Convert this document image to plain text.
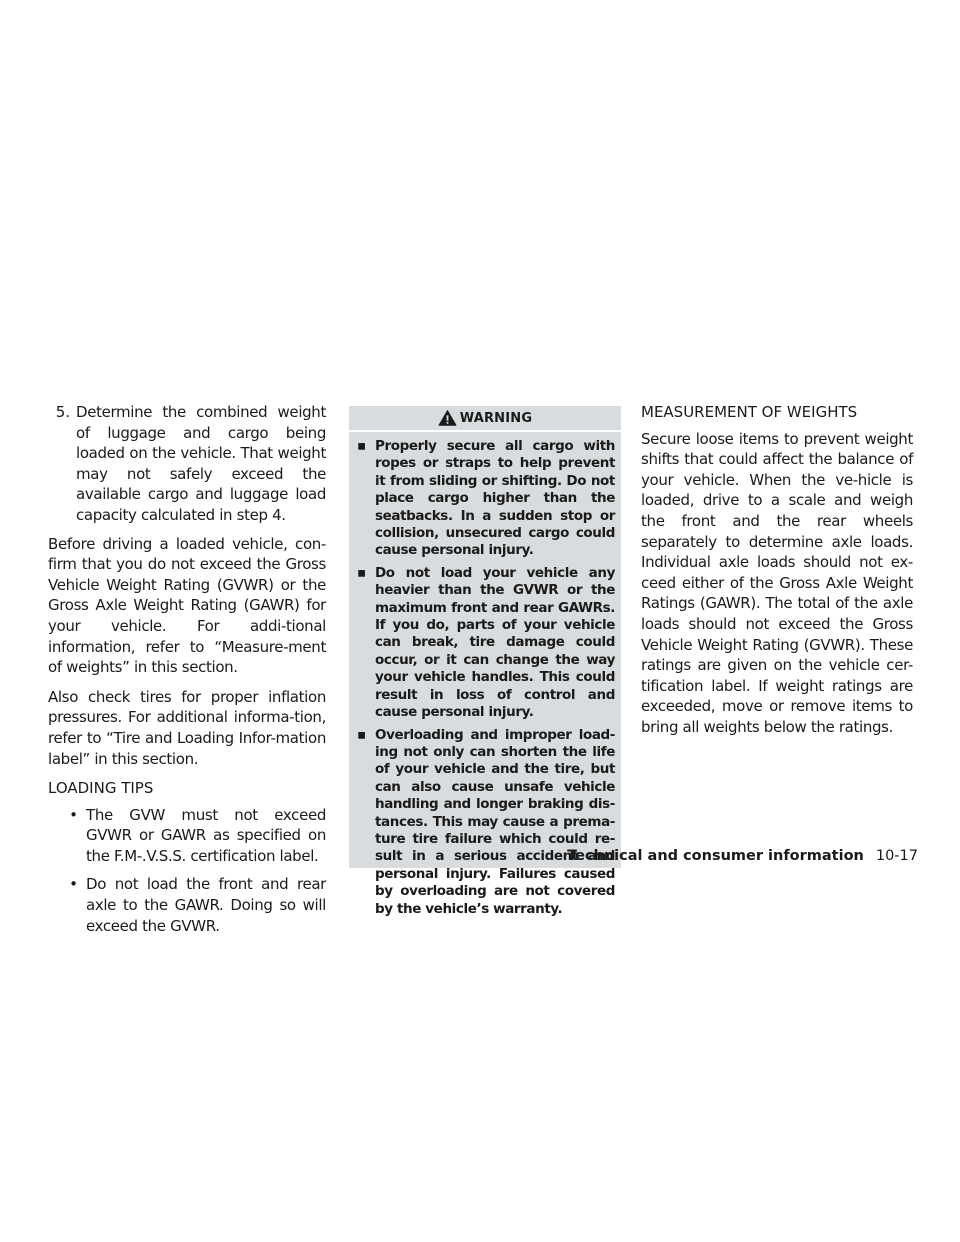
5. Determine the combined weight of luggage and cargo being loaded on the vehicle. That weight may not safely exceed the available cargo and luggage load capacity calculated in step 4.

Before driving a loaded vehicle, con-firm that you do not exceed the Gross Vehicle Weight Rating (GVWR) or the Gross Axle Weight Rating (GAWR) for your vehicle. For addi-tional information, refer to “Measure-ment of weights” in this section.

Also check tires for proper inflation pressures. For additional informa-tion, refer to “Tire and Loading Infor-mation label” in this section.

LOADING TIPS
• The GVW must not exceed GVWR or GAWR as specified on the F.M-.V.S.S. certification label.
• Do not load the front and rear axle to the GAWR. Doing so will exceed the GVWR.
WARNING
▪ Properly secure all cargo with ropes or straps to help prevent it from sliding or shifting. Do not place cargo higher than the seatbacks. In a sudden stop or collision, unsecured cargo could cause personal injury.
▪ Do not load your vehicle any heavier than the GVWR or the maximum front and rear GAWRs. If you do, parts of your vehicle can break, tire damage could occur, or it can change the way your vehicle handles. This could result in loss of control and cause personal injury.
▪ Overloading and improper load-ing not only can shorten the life of your vehicle and the tire, but can also cause unsafe vehicle handling and longer braking dis-tances. This may cause a prema-ture tire failure which could re-sult in a serious accident and personal injury. Failures caused by overloading are not covered by the vehicle’s warranty.
MEASUREMENT OF WEIGHTS

Secure loose items to prevent weight shifts that could affect the balance of your vehicle. When the ve-hicle is loaded, drive to a scale and weigh the front and the rear wheels separately to determine axle loads. Individual axle loads should not ex-ceed either of the Gross Axle Weight Ratings (GAWR). The total of the axle loads should not exceed the Gross Vehicle Weight Rating (GVWR). These ratings are given on the vehicle cer-tification label. If weight ratings are exceeded, move or remove items to bring all weights below the ratings.

Technical and consumer information 10-17
